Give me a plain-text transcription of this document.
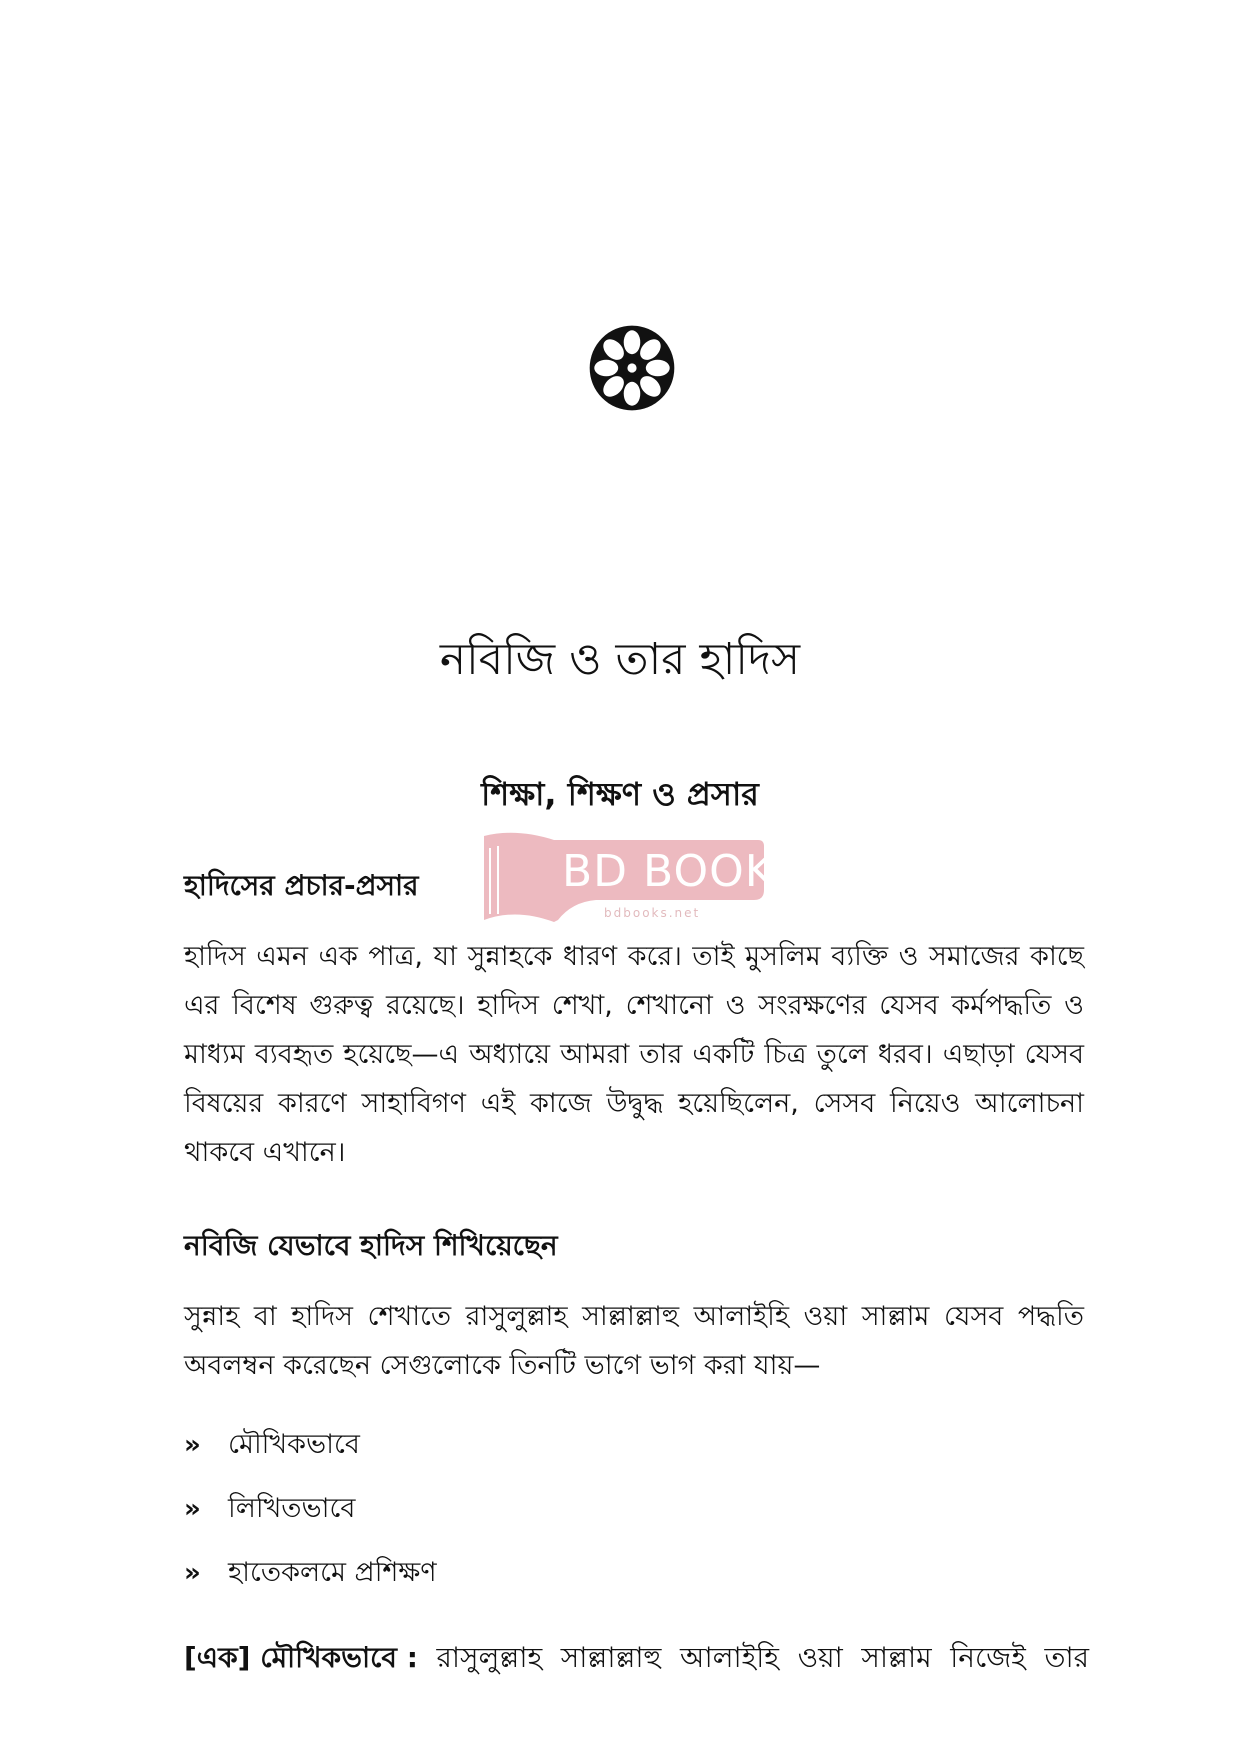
নবিজি ও তার হাদিস
শিক্ষা, শিক্ষণ ও প্রসার
হাদিসের প্রচার-প্রসার

হাদিস এমন এক পাত্র, যা সুন্নাহকে ধারণ করে। তাই মুসলিম ব্যক্তি ও সমাজের কাছে এর বিশেষ গুরুত্ব রয়েছে। হাদিস শেখা, শেখানো ও সংরক্ষণের যেসব কর্মপদ্ধতি ও মাধ্যম ব্যবহৃত হয়েছে—এ অধ্যায়ে আমরা তার একটি চিত্র তুলে ধরব। এছাড়া যেসব বিষয়ের কারণে সাহাবিগণ এই কাজে উদ্বুদ্ধ হয়েছিলেন, সেসব নিয়েও আলোচনা থাকবে এখানে।

নবিজি যেভাবে হাদিস শিখিয়েছেন

সুন্নাহ বা হাদিস শেখাতে রাসুলুল্লাহ সাল্লাল্লাহু আলাইহি ওয়া সাল্লাম যেসব পদ্ধতি অবলম্বন করেছেন সেগুলোকে তিনটি ভাগে ভাগ করা যায়—

»	মৌখিকভাবে
»	লিখিতভাবে
»	হাতেকলমে প্রশিক্ষণ
[এক] মৌখিকভাবে : রাসুলুল্লাহ সাল্লাল্লাহু আলাইহি ওয়া সাল্লাম নিজেই তার
BD BOOKS
bdbooks.net
